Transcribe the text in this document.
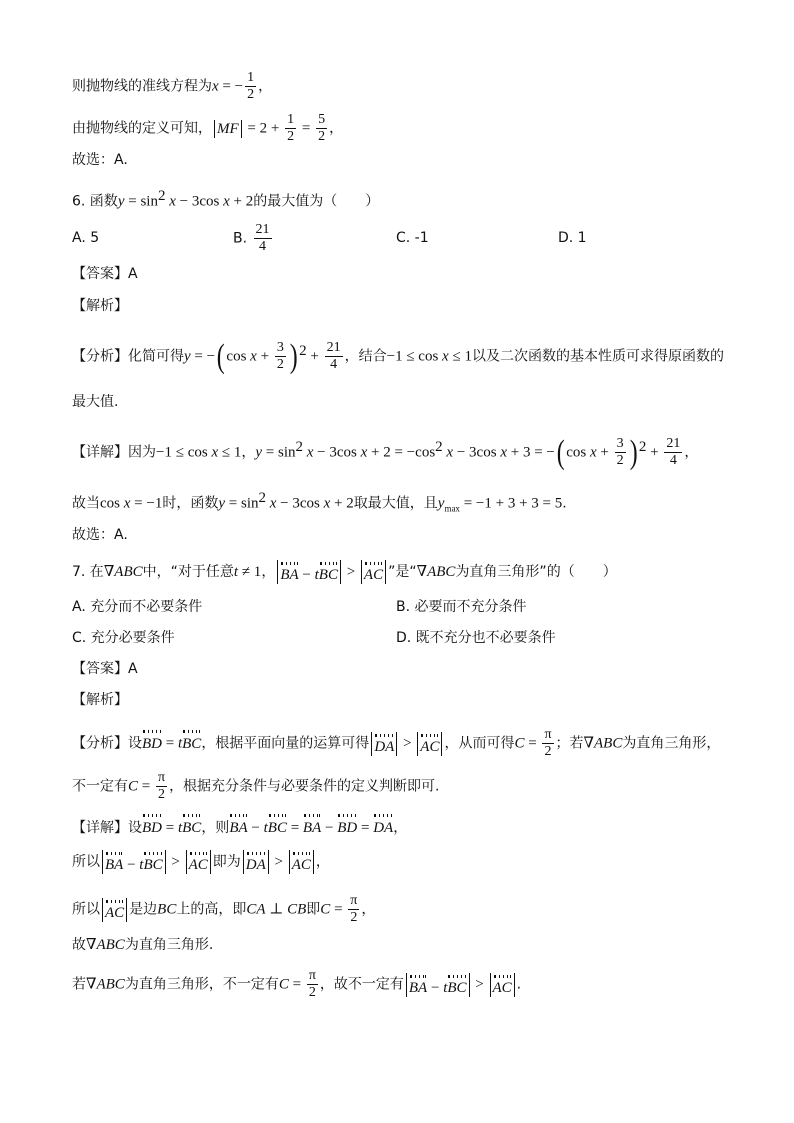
则抛物线的准线方程为x = − $\frac{1}{2}$ ，
由抛物线的定义可知， MF = $2 + \frac{1}{2} = \frac{5}{2}$ ，
故选：A.
6. 函数$y = \sin^2 x - 3\cos$ x + 2的最大值为（　　）
A. 5	B. $\frac{21}{4}$	C. -1	D. 1
【答案】A
【解析】
【分析】化简可得y = −( $\cos x + \frac{3}{2}$ ) $^2 + \frac{21}{4}$ ，结合−1 ≤ cos x ≤ 1以及二次函数的基本性质可求得原函数的
最大值.
【详解】因为−1 ≤ cos x ≤ 1，$y = \sin^2 x - 3\cos$ $x + 2 = -\cos^2$ x − 3cos x + 3 = −( $\cos x + \frac{3}{2}$ ) $^2 + \frac{21}{4}$ ，
故当cos x = −1时，函数$y = \sin^2 x - 3\cos$ x + 2取最大值，且$y_{max} = -1 + 3 + 3 = 5$.
故选：A.
7. 在∇ABC中，“对于任意t ≠ 1， BA − tBC > AC ”是“∇ABC为直角三角形”的（　　）
A. 充分而不必要条件	B. 必要而不充分条件
C. 充分必要条件	D. 既不充分也不必要条件
【答案】A
【解析】
【分析】设BD = tBC，根据平面向量的运算可得 DA > AC ，从而可得$C = \frac{\pi}{2}$ ；若∇ABC为直角三角形，
不一定有$C = \frac{\pi}{2}$ ，根据充分条件与必要条件的定义判断即可.
【详解】设BD = tBC，则BA − tBC = BA − BD = DA，
所以 BA − tBC > AC 即为 DA > AC ，
所以 AC 是边BC上的高，即CA ⊥ CB即$C = \frac{\pi}{2}$ ，
故∇ABC为直角三角形.
若∇ABC为直角三角形，不一定有$C = \frac{\pi}{2}$ ，故不一定有 BA − tBC > AC .
